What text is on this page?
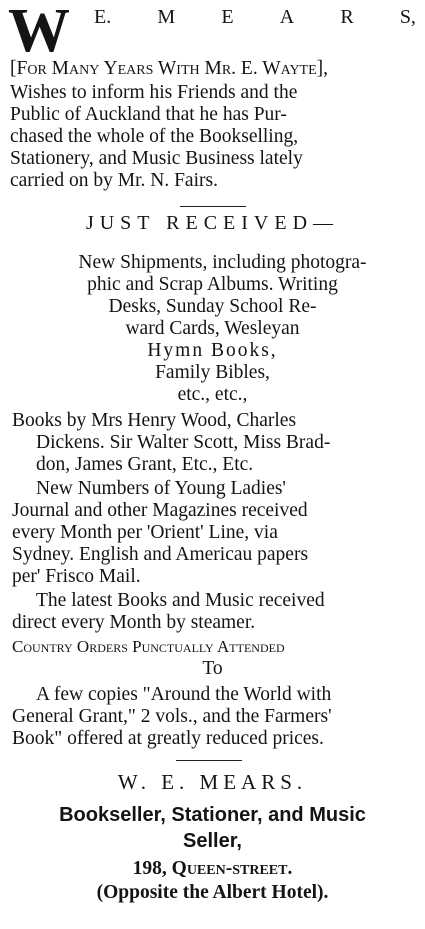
W E. M E A R S,
[For Many Years With Mr. E. Wayte],
Wishes to inform his Friends and the
Public of Auckland that he has Pur-
chased the whole of the Bookselling,
Stationery, and Music Business lately
carried on by Mr. N. Fairs.
JUST RECEIVED—
New Shipments, including photogra-
phic and Scrap Albums. Writing
Desks, Sunday School Re-
ward Cards, Wesleyan
Hymn Books,
Family Bibles,
etc., etc.,
Books by Mrs Henry Wood, Charles
Dickens. Sir Walter Scott, Miss Brad-
don, James Grant, Etc., Etc.
New Numbers of Young Ladies'
Journal and other Magazines received
every Month per 'Orient' Line, via
Sydney. English and Americau papers
per' Frisco Mail.
The latest Books and Music received
direct every Month by steamer.
Country Orders Punctually Attended
To
A few copies "Around the World with
General Grant," 2 vols., and the Farmers'
Book" offered at greatly reduced prices.
W. E. MEARS.
Bookseller, Stationer, and Music
Seller,
198, Queen-street.
(Opposite the Albert Hotel).
